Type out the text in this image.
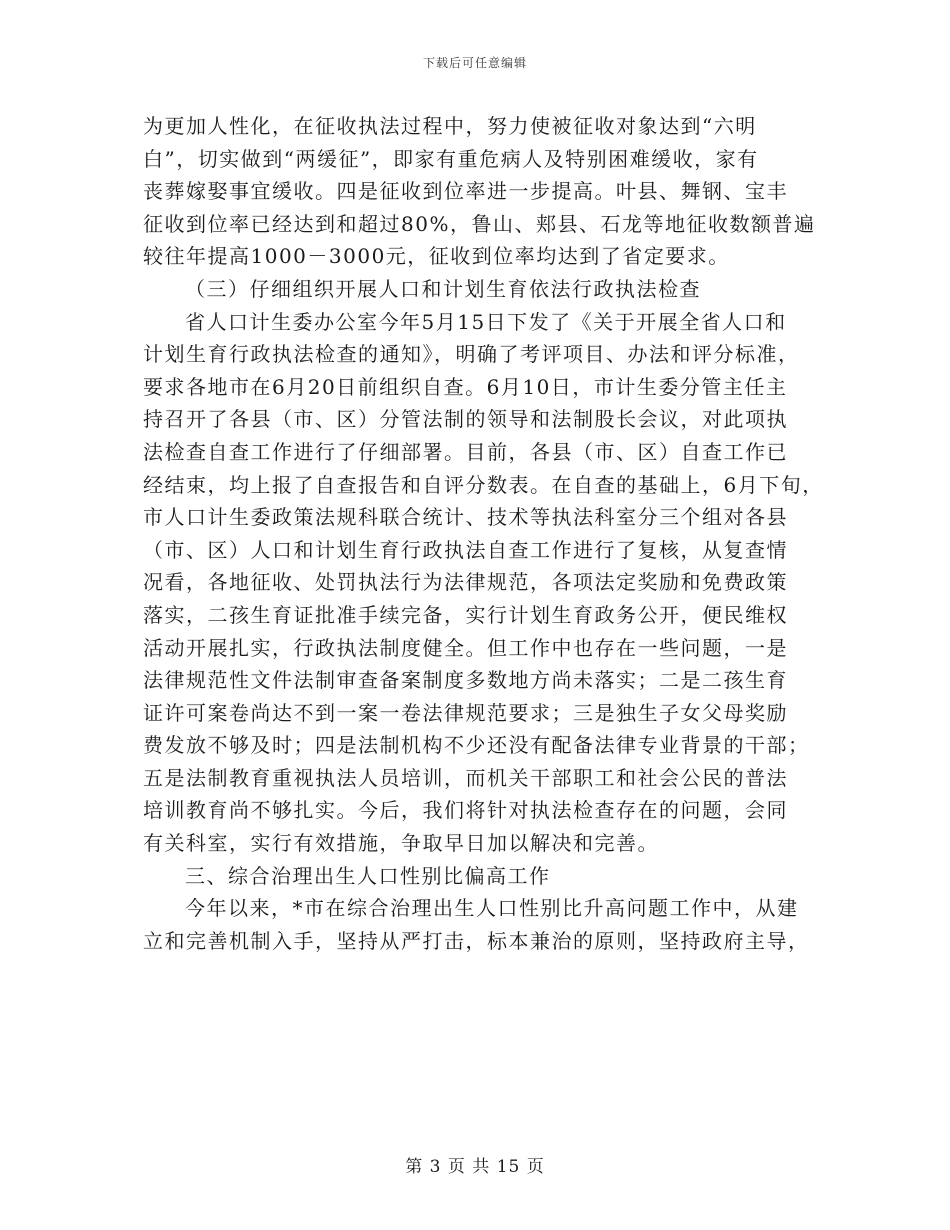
下载后可任意编辑
为更加人性化，在征收执法过程中，努力使被征收对象达到“六明
白”，切实做到“两缓征”，即家有重危病人及特别困难缓收，家有
丧葬嫁娶事宜缓收。四是征收到位率进一步提高。叶县、舞钢、宝丰
征收到位率已经达到和超过80%，鲁山、郏县、石龙等地征收数额普遍
较往年提高1000－3000元，征收到位率均达到了省定要求。
（三）仔细组织开展人口和计划生育依法行政执法检查
省人口计生委办公室今年5月15日下发了《关于开展全省人口和
计划生育行政执法检查的通知》，明确了考评项目、办法和评分标准，
要求各地市在6月20日前组织自查。6月10日，市计生委分管主任主
持召开了各县（市、区）分管法制的领导和法制股长会议，对此项执
法检查自查工作进行了仔细部署。目前，各县（市、区）自查工作已
经结束，均上报了自查报告和自评分数表。在自查的基础上，6月下旬，
市人口计生委政策法规科联合统计、技术等执法科室分三个组对各县
（市、区）人口和计划生育行政执法自查工作进行了复核，从复查情
况看，各地征收、处罚执法行为法律规范，各项法定奖励和免费政策
落实，二孩生育证批准手续完备，实行计划生育政务公开，便民维权
活动开展扎实，行政执法制度健全。但工作中也存在一些问题，一是
法律规范性文件法制审查备案制度多数地方尚未落实；二是二孩生育
证许可案卷尚达不到一案一卷法律规范要求；三是独生子女父母奖励
费发放不够及时；四是法制机构不少还没有配备法律专业背景的干部；
五是法制教育重视执法人员培训，而机关干部职工和社会公民的普法
培训教育尚不够扎实。今后，我们将针对执法检查存在的问题，会同
有关科室，实行有效措施，争取早日加以解决和完善。
三、综合治理出生人口性别比偏高工作
今年以来，*市在综合治理出生人口性别比升高问题工作中，从建
立和完善机制入手，坚持从严打击，标本兼治的原则，坚持政府主导，
第 3 页 共 15 页
